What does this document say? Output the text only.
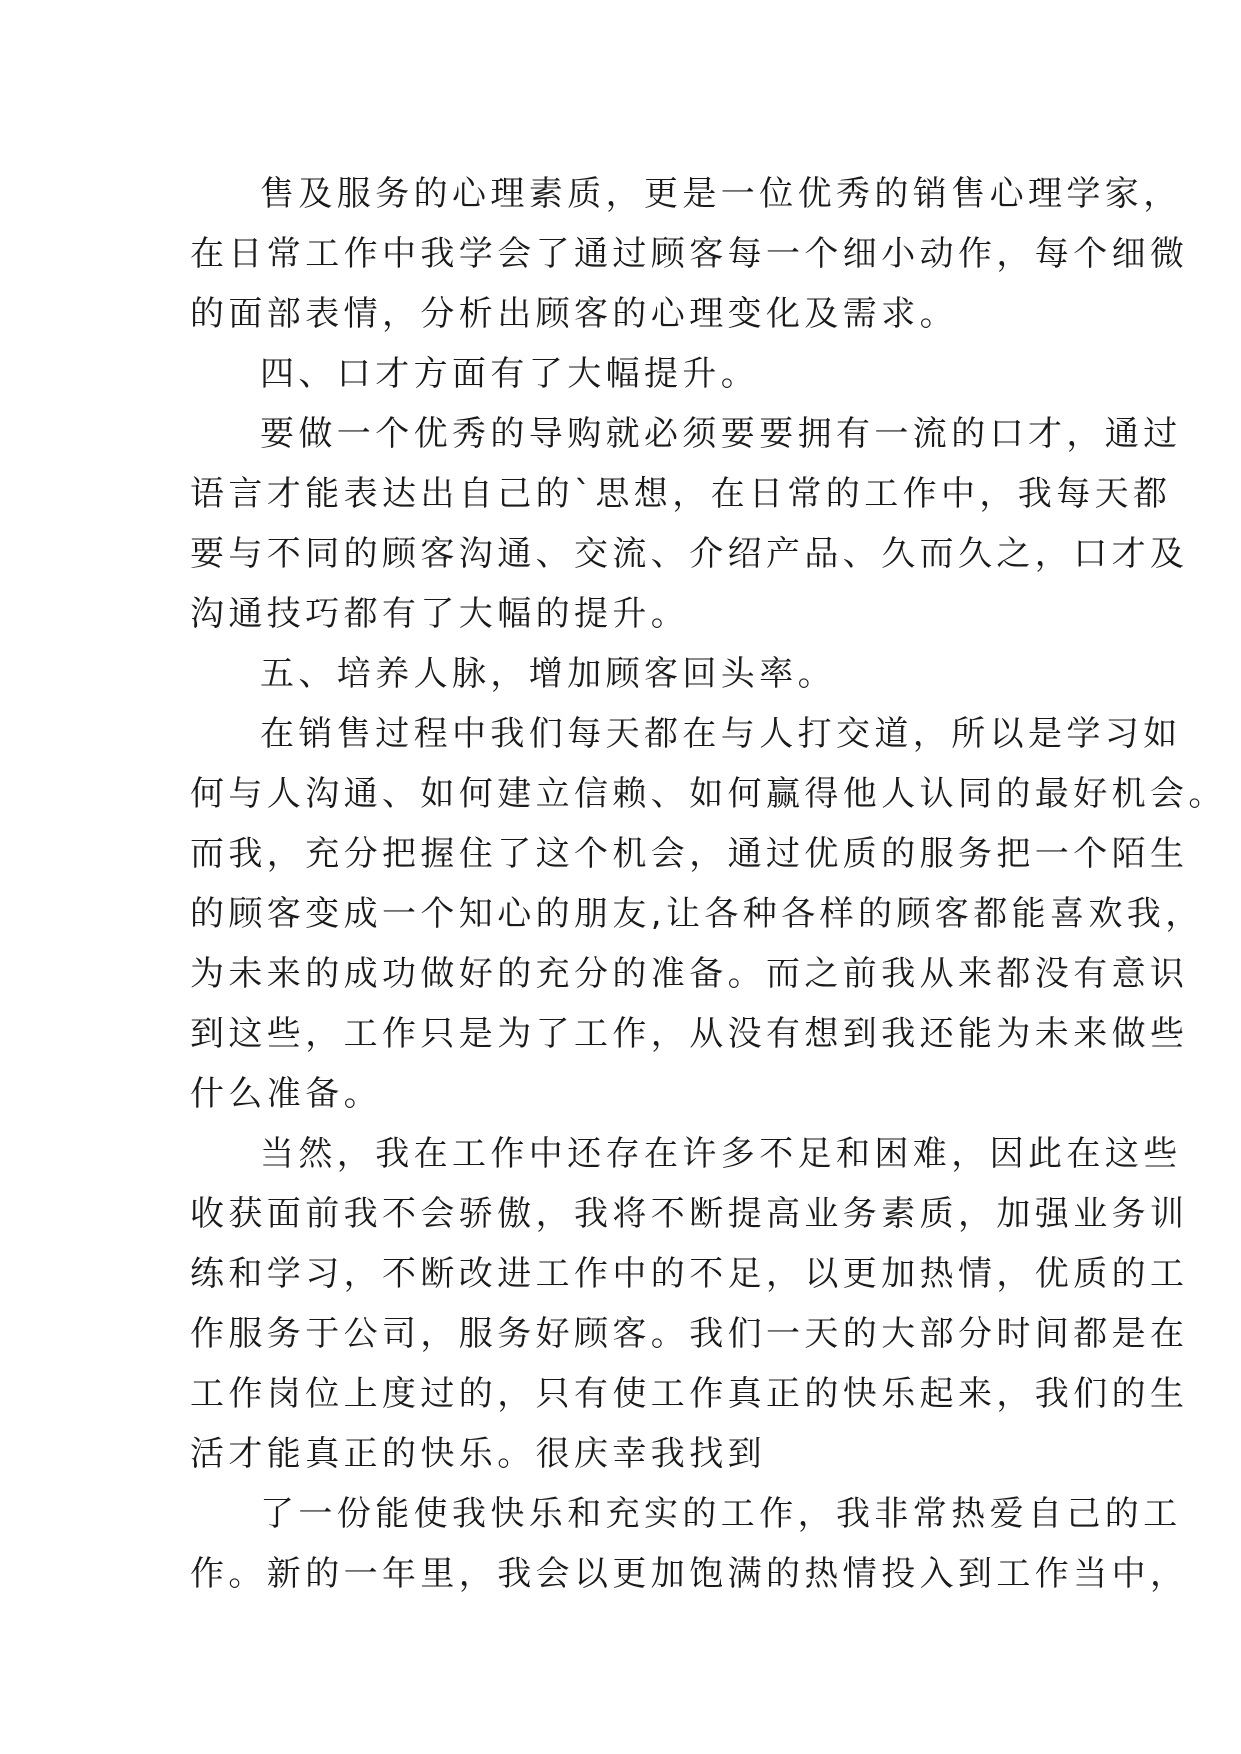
售及服务的心理素质，更是一位优秀的销售心理学家，
在日常工作中我学会了通过顾客每一个细小动作，每个细微
的面部表情，分析出顾客的心理变化及需求。
四、口才方面有了大幅提升。
要做一个优秀的导购就必须要要拥有一流的口才，通过
语言才能表达出自己的`思想，在日常的工作中，我每天都
要与不同的顾客沟通、交流、介绍产品、久而久之，口才及
沟通技巧都有了大幅的提升。
五、培养人脉，增加顾客回头率。
在销售过程中我们每天都在与人打交道，所以是学习如
何与人沟通、如何建立信赖、如何赢得他人认同的最好机会。
而我，充分把握住了这个机会，通过优质的服务把一个陌生
的顾客变成一个知心的朋友,让各种各样的顾客都能喜欢我，
为未来的成功做好的充分的准备。而之前我从来都没有意识
到这些，工作只是为了工作，从没有想到我还能为未来做些
什么准备。
当然，我在工作中还存在许多不足和困难，因此在这些
收获面前我不会骄傲，我将不断提高业务素质，加强业务训
练和学习，不断改进工作中的不足，以更加热情，优质的工
作服务于公司，服务好顾客。我们一天的大部分时间都是在
工作岗位上度过的，只有使工作真正的快乐起来，我们的生
活才能真正的快乐。很庆幸我找到
了一份能使我快乐和充实的工作，我非常热爱自己的工
作。新的一年里，我会以更加饱满的热情投入到工作当中，
